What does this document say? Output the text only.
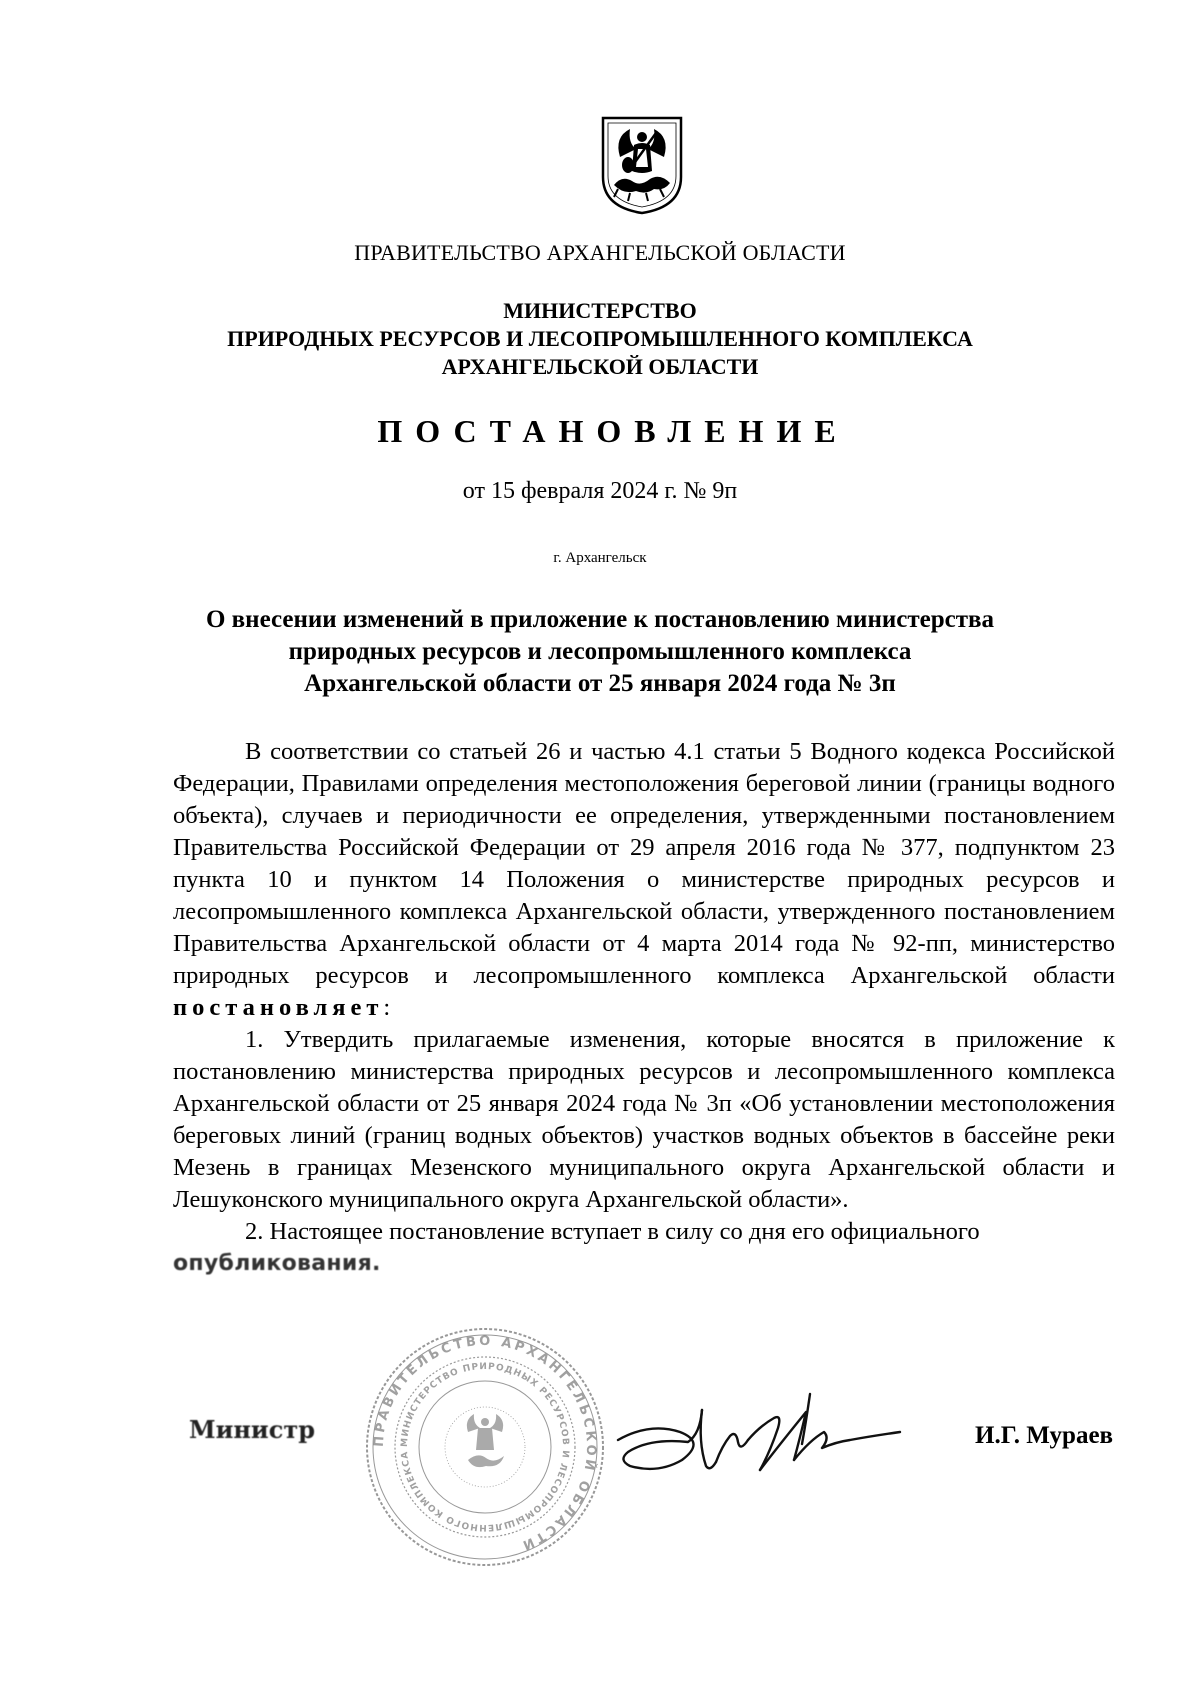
ПРАВИТЕЛЬСТВО АРХАНГЕЛЬСКОЙ ОБЛАСТИ
МИНИСТЕРСТВО
ПРИРОДНЫХ РЕСУРСОВ И ЛЕСОПРОМЫШЛЕННОГО КОМПЛЕКСА
АРХАНГЕЛЬСКОЙ ОБЛАСТИ
ПОСТАНОВЛЕНИЕ
от 15 февраля 2024 г. № 9п
г. Архангельск
О внесении изменений в приложение к постановлению министерства
природных ресурсов и лесопромышленного комплекса
Архангельской области от 25 января 2024 года № 3п

В соответствии со статьей 26 и частью 4.1 статьи 5 Водного кодекса Российской Федерации, Правилами определения местоположения береговой линии (границы водного объекта), случаев и периодичности ее определения, утвержденными постановлением Правительства Российской Федерации от 29 апреля 2016 года № 377, подпунктом 23 пункта 10 и пунктом 14 Положения о министерстве природных ресурсов и лесопромышленного комплекса Архангельской области, утвержденного постановлением Правительства Архангельской области от 4 марта 2014 года № 92-пп, министерство природных ресурсов и лесопромышленного комплекса Архангельской области постановляет:

1. Утвердить прилагаемые изменения, которые вносятся в приложение к постановлению министерства природных ресурсов и лесопромышленного комплекса Архангельской области от 25 января 2024 года № 3п «Об установлении местоположения береговых линий (границ водных объектов) участков водных объектов в бассейне реки Мезень в границах Мезенского муниципального округа Архангельской области и Лешуконского муниципального округа Архангельской области».

2. Настоящее постановление вступает в силу со дня его официального

опубликования.
ПРАВИТЕЛЬСТВО АРХАНГЕЛЬСКОЙ ОБЛАСТИ
МИНИСТЕРСТВО ПРИРОДНЫХ РЕСУРСОВ И ЛЕСОПРОМЫШЛЕННОГО КОМПЛЕКСА
Министр	И.Г. Мураев
